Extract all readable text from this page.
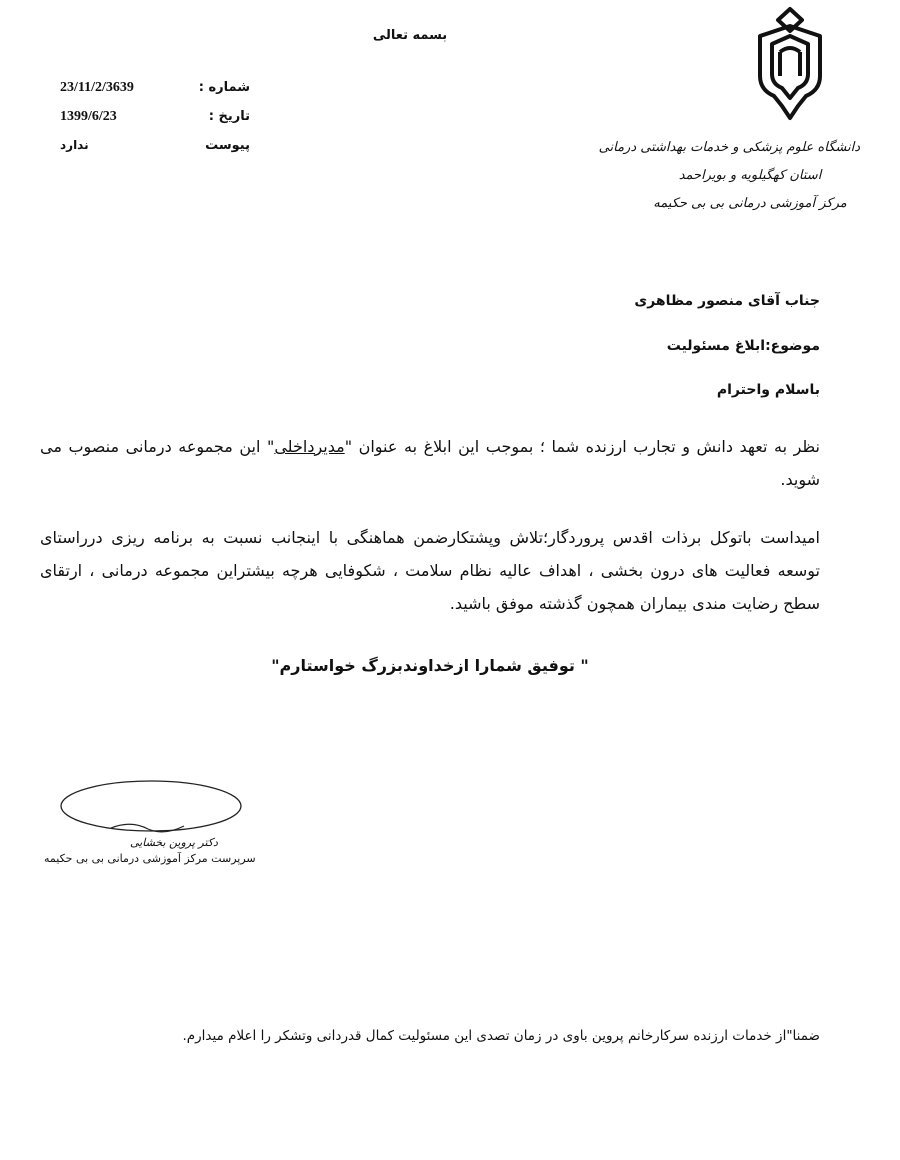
بسمه تعالی
شماره :
23/11/2/3639
تاریخ :
1399/6/23
پیوست
ندارد	دانشگاه علوم پزشکی و خدمات بهداشتی درمانی
استان کهگیلویه و بویراحمد
مرکز آموزشی درمانی بی بی حکیمه
جناب آقای منصور مظاهری
موضوع:ابلاغ مسئولیت
باسلام واحترام
نظر به تعهد دانش و تجارب ارزنده شما ؛ بموجب این ابلاغ به عنوان "مدیرداخلی" این مجموعه درمانی منصوب می شوید.
امیداست باتوکل برذات اقدس پروردگار؛تلاش وپشتکارضمن هماهنگی با اینجانب نسبت به برنامه ریزی درراستای توسعه فعالیت های درون بخشی ، اهداف عالیه نظام سلامت ، شکوفایی هرچه بیشتراین مجموعه درمانی ، ارتقای سطح رضایت مندی بیماران همچون گذشته موفق باشید.
" توفیق شمارا ازخداوندبزرگ خواستارم"
دکتر پروین بخشایی
سرپرست مرکز آموزشی درمانی بی بی حکیمه
ضمنا"از خدمات ارزنده سرکارخانم پروین باوی در زمان تصدی این مسئولیت کمال قدردانی وتشکر را اعلام میدارم.
